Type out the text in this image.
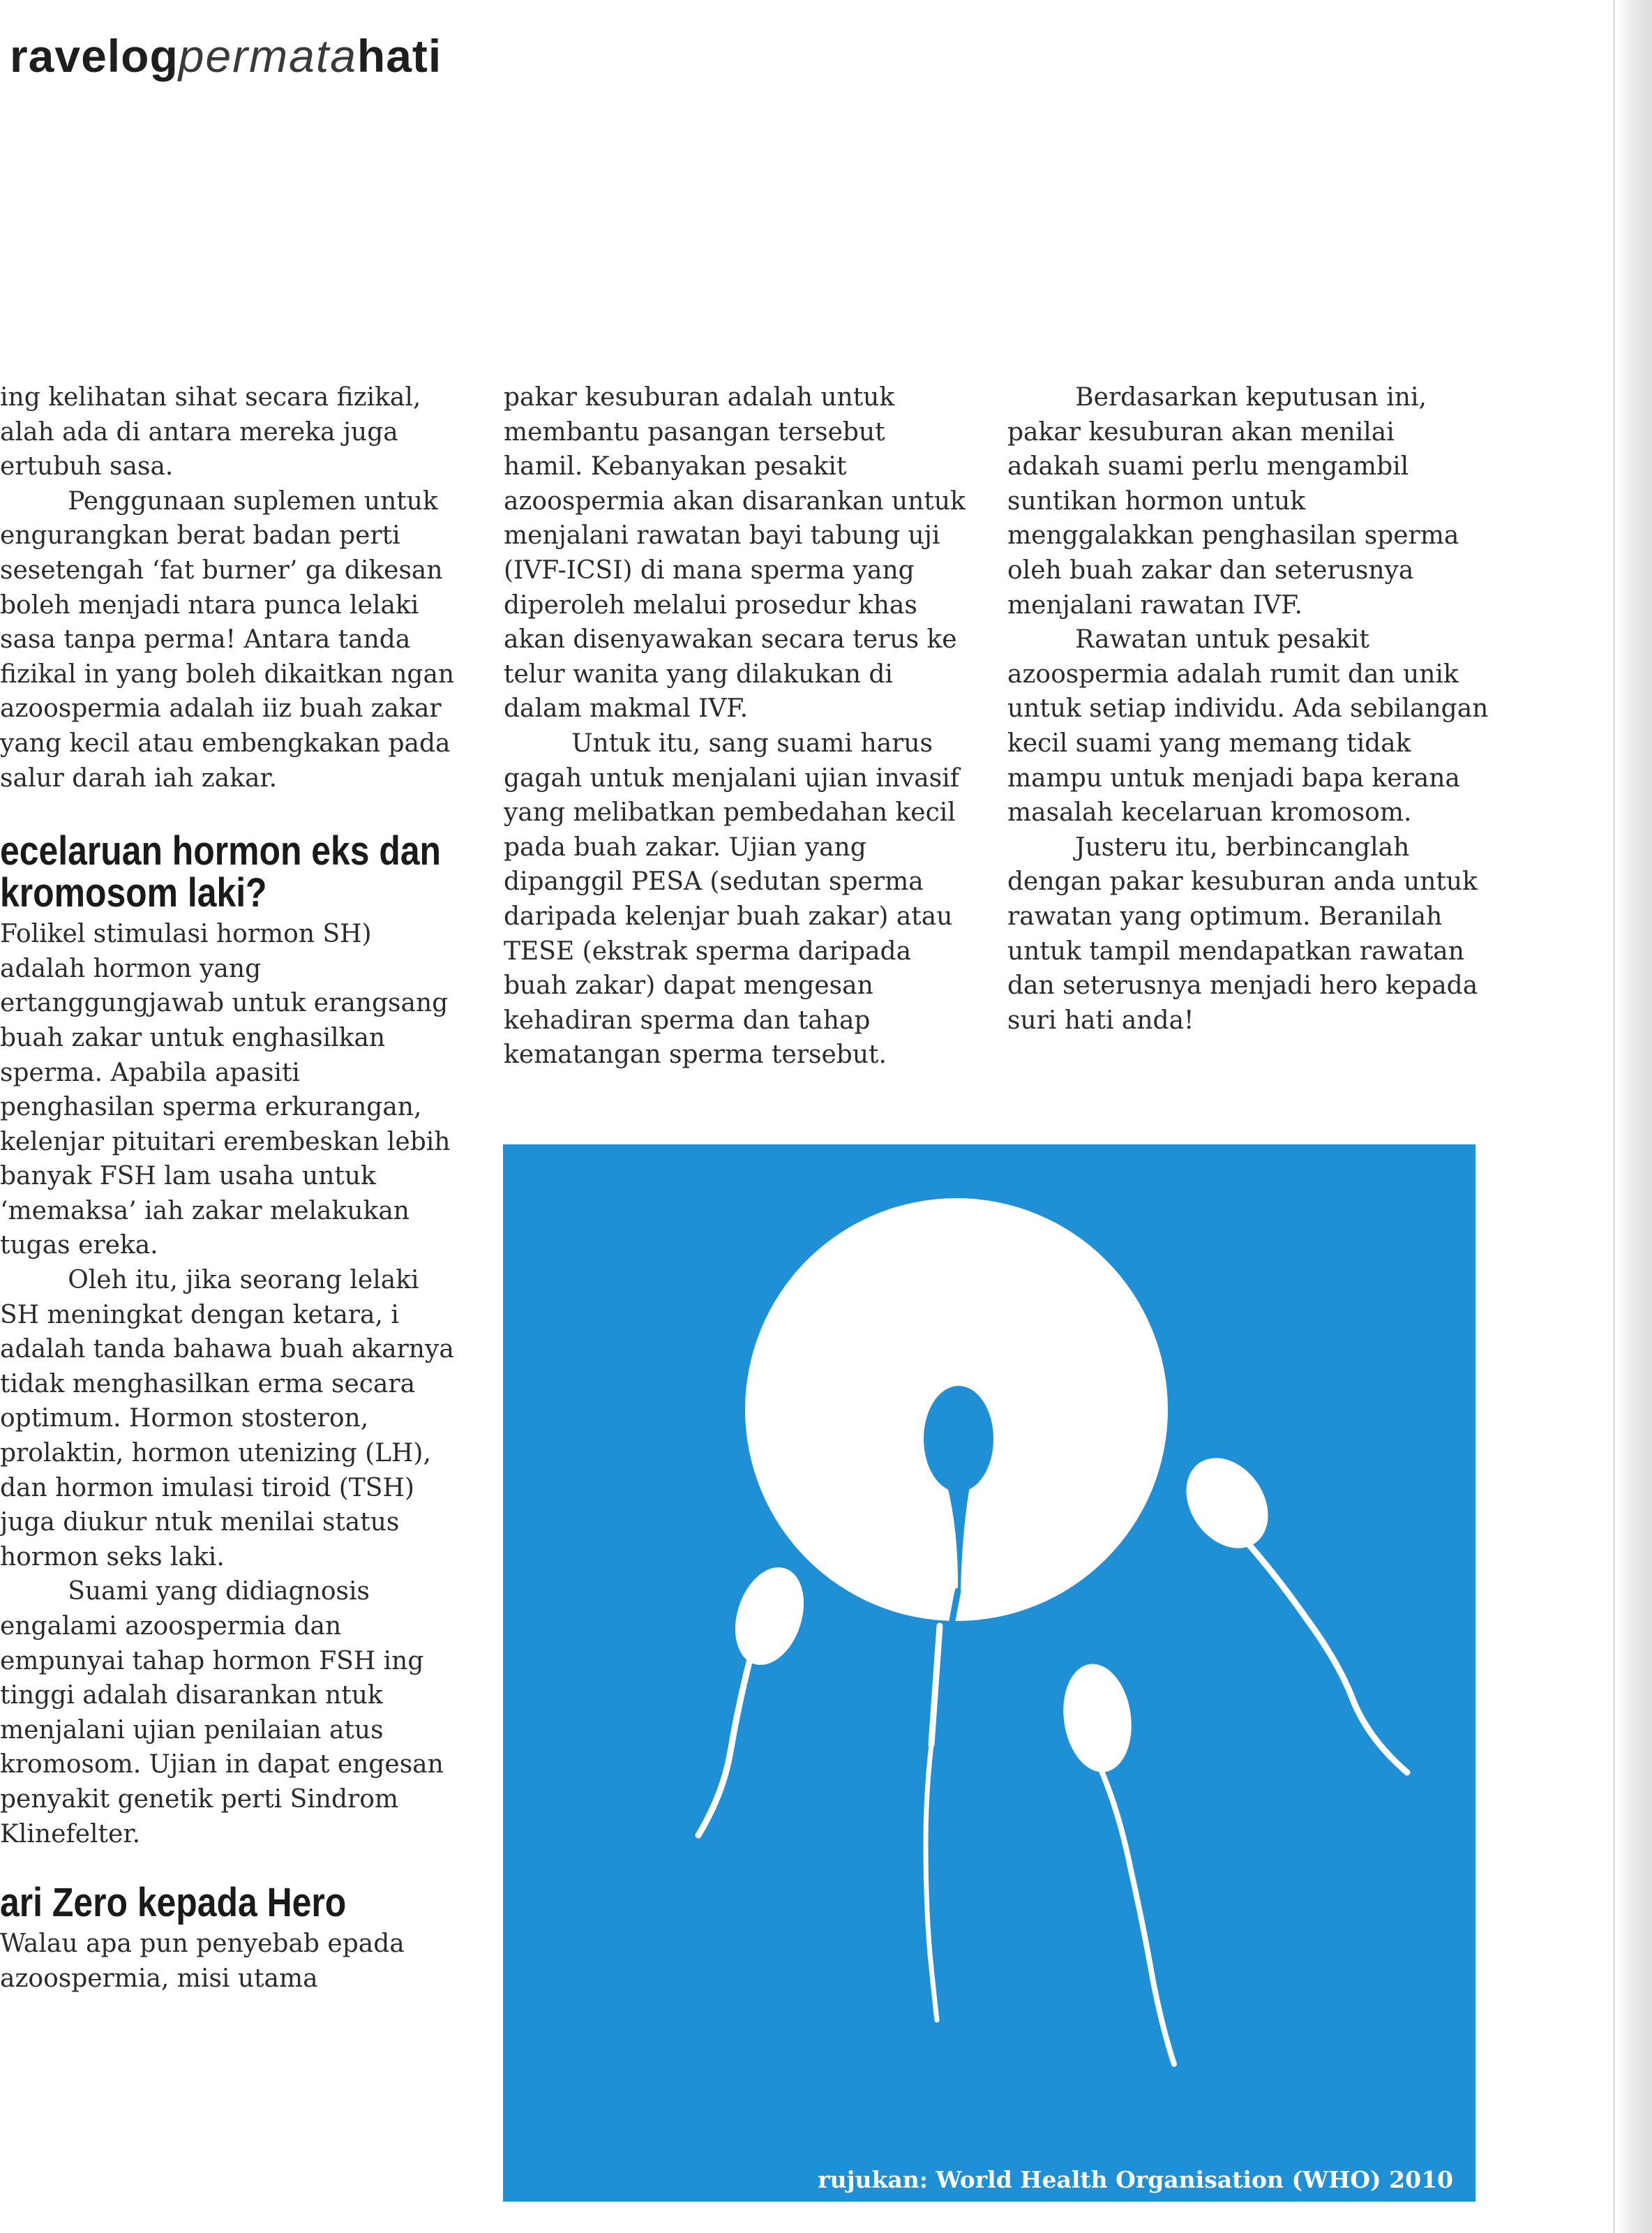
ravelogpermatahati

ing kelihatan sihat secara fizikal, alah ada di antara mereka juga ertubuh sasa.

Penggunaan suplemen untuk engurangkan berat badan perti sesetengah ‘fat burner’ ga dikesan boleh menjadi ntara punca lelaki sasa tanpa perma! Antara tanda fizikal in yang boleh dikaitkan ngan azoospermia adalah iiz buah zakar yang kecil atau embengkakan pada salur darah iah zakar.

ecelaruan hormon eks dan kromosom laki?

Folikel stimulasi hormon SH) adalah hormon yang ertanggungjawab untuk erangsang buah zakar untuk enghasilkan sperma. Apabila apasiti penghasilan sperma erkurangan, kelenjar pituitari erembeskan lebih banyak FSH lam usaha untuk ‘memaksa’ iah zakar melakukan tugas ereka.

Oleh itu, jika seorang lelaki SH meningkat dengan ketara, i adalah tanda bahawa buah akarnya tidak menghasilkan erma secara optimum. Hormon stosteron, prolaktin, hormon utenizing (LH), dan hormon imulasi tiroid (TSH) juga diukur ntuk menilai status hormon seks laki.

Suami yang didiagnosis engalami azoospermia dan empunyai tahap hormon FSH ing tinggi adalah disarankan ntuk menjalani ujian penilaian atus kromosom. Ujian in dapat engesan penyakit genetik perti Sindrom Klinefelter.

ari Zero kepada Hero

Walau apa pun penyebab epada azoospermia, misi utama

pakar kesuburan adalah untuk membantu pasangan tersebut hamil. Kebanyakan pesakit azoospermia akan disarankan untuk menjalani rawatan bayi tabung uji (IVF-ICSI) di mana sperma yang diperoleh melalui prosedur khas akan disenyawakan secara terus ke telur wanita yang dilakukan di dalam makmal IVF.

Untuk itu, sang suami harus gagah untuk menjalani ujian invasif yang melibatkan pembedahan kecil pada buah zakar. Ujian yang dipanggil PESA (sedutan sperma daripada kelenjar buah zakar) atau TESE (ekstrak sperma daripada buah zakar) dapat mengesan kehadiran sperma dan tahap kematangan sperma tersebut.

Berdasarkan keputusan ini, pakar kesuburan akan menilai adakah suami perlu mengambil suntikan hormon untuk menggalakkan penghasilan sperma oleh buah zakar dan seterusnya menjalani rawatan IVF.

Rawatan untuk pesakit azoospermia adalah rumit dan unik untuk setiap individu. Ada sebilangan kecil suami yang memang tidak mampu untuk menjadi bapa kerana masalah kecelaruan kromosom.

Justeru itu, berbincanglah dengan pakar kesuburan anda untuk rawatan yang optimum. Beranilah untuk tampil mendapatkan rawatan dan seterusnya menjadi hero kepada suri hati anda!

rujukan: World Health Organisation (WHO) 2010
